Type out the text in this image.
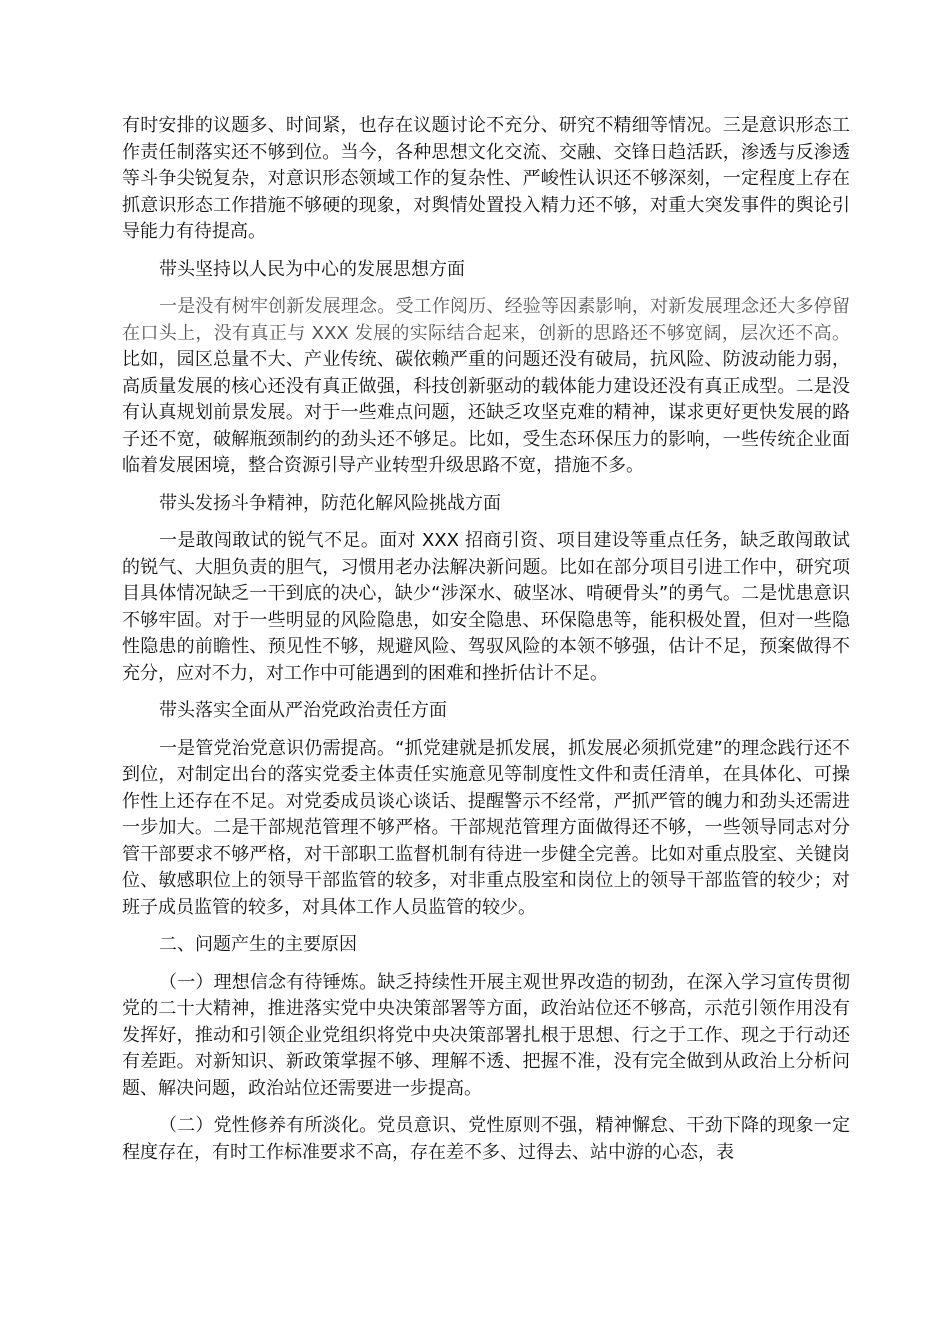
有时安排的议题多、时间紧，也存在议题讨论不充分、研究不精细等情况。三是意识形态工作责任制落实还不够到位。当今，各种思想文化交流、交融、交锋日趋活跃，渗透与反渗透等斗争尖锐复杂，对意识形态领域工作的复杂性、严峻性认识还不够深刻，一定程度上存在抓意识形态工作措施不够硬的现象，对舆情处置投入精力还不够，对重大突发事件的舆论引导能力有待提高。

带头坚持以人民为中心的发展思想方面

一是没有树牢创新发展理念。受工作阅历、经验等因素影响，对新发展理念还大多停留在口头上，没有真正与 XXX 发展的实际结合起来，创新的思路还不够宽阔，层次还不高。比如，园区总量不大、产业传统、碳依赖严重的问题还没有破局，抗风险、防波动能力弱，高质量发展的核心还没有真正做强，科技创新驱动的载体能力建设还没有真正成型。二是没有认真规划前景发展。对于一些难点问题，还缺乏攻坚克难的精神，谋求更好更快发展的路子还不宽，破解瓶颈制约的劲头还不够足。比如，受生态环保压力的影响，一些传统企业面临着发展困境，整合资源引导产业转型升级思路不宽，措施不多。

带头发扬斗争精神，防范化解风险挑战方面

一是敢闯敢试的锐气不足。面对 XXX 招商引资、项目建设等重点任务，缺乏敢闯敢试的锐气、大胆负责的胆气，习惯用老办法解决新问题。比如在部分项目引进工作中，研究项目具体情况缺乏一干到底的决心，缺少“涉深水、破坚冰、啃硬骨头”的勇气。二是忧患意识不够牢固。对于一些明显的风险隐患，如安全隐患、环保隐患等，能积极处置，但对一些隐性隐患的前瞻性、预见性不够，规避风险、驾驭风险的本领不够强，估计不足，预案做得不充分，应对不力，对工作中可能遇到的困难和挫折估计不足。

带头落实全面从严治党政治责任方面

一是管党治党意识仍需提高。“抓党建就是抓发展，抓发展必须抓党建”的理念践行还不到位，对制定出台的落实党委主体责任实施意见等制度性文件和责任清单，在具体化、可操作性上还存在不足。对党委成员谈心谈话、提醒警示不经常，严抓严管的魄力和劲头还需进一步加大。二是干部规范管理不够严格。干部规范管理方面做得还不够，一些领导同志对分管干部要求不够严格，对干部职工监督机制有待进一步健全完善。比如对重点股室、关键岗位、敏感职位上的领导干部监管的较多，对非重点股室和岗位上的领导干部监管的较少；对班子成员监管的较多，对具体工作人员监管的较少。

二、问题产生的主要原因

（一）理想信念有待锤炼。缺乏持续性开展主观世界改造的韧劲，在深入学习宣传贯彻党的二十大精神，推进落实党中央决策部署等方面，政治站位还不够高，示范引领作用没有发挥好，推动和引领企业党组织将党中央决策部署扎根于思想、行之于工作、现之于行动还有差距。对新知识、新政策掌握不够、理解不透、把握不准，没有完全做到从政治上分析问题、解决问题，政治站位还需要进一步提高。

（二）党性修养有所淡化。党员意识、党性原则不强，精神懈怠、干劲下降的现象一定程度存在，有时工作标准要求不高，存在差不多、过得去、站中游的心态，表
